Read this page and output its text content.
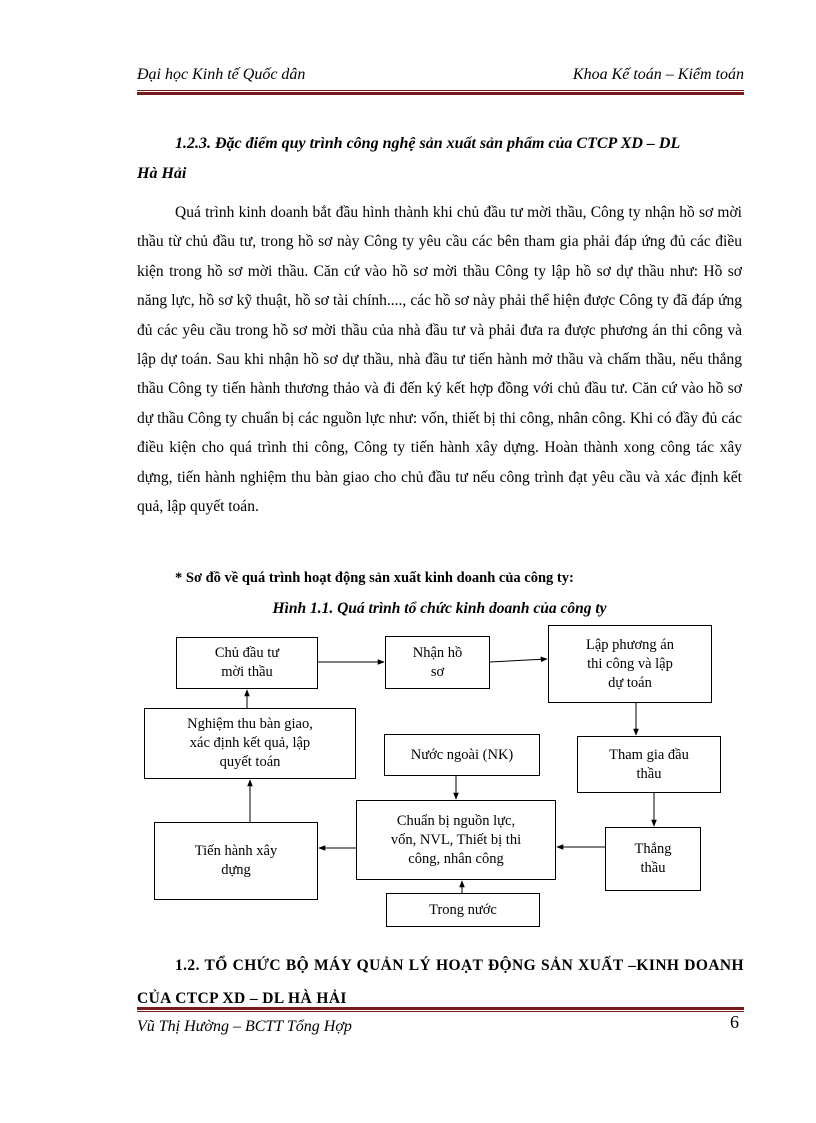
Đại học Kinh tế Quốc dân	Khoa Kế toán – Kiểm toán
1.2.3. Đặc điểm quy trình công nghệ sản xuất sản phẩm của CTCP XD – DL
Hà Hải
Quá trình kinh doanh bắt đầu hình thành khi chủ đầu tư mời thầu, Công ty nhận hồ sơ mời thầu từ chủ đầu tư, trong hồ sơ này Công ty yêu cầu các bên tham gia phải đáp ứng đủ các điều kiện trong hồ sơ mời thầu. Căn cứ vào hồ sơ mời thầu Công ty lập hồ sơ dự thầu như: Hồ sơ năng lực, hồ sơ kỹ thuật, hồ sơ tài chính...., các hồ sơ này phải thể hiện được Công ty đã đáp ứng đủ các yêu cầu trong hồ sơ mời thầu của nhà đầu tư và phải đưa ra được phương án thi công và lập dự toán. Sau khi nhận hồ sơ dự thầu, nhà đầu tư tiến hành mở thầu và chấm thầu, nếu thắng thầu Công ty tiến hành thương thảo và đi đến ký kết hợp đồng với chủ đầu tư. Căn cứ vào hồ sơ dự thầu Công ty chuẩn bị các nguồn lực như: vốn, thiết bị thi công, nhân công. Khi có đầy đủ các điều kiện cho quá trình thi công, Công ty tiến hành xây dựng. Hoàn thành xong công tác xây dựng, tiến hành nghiệm thu bàn giao cho chủ đầu tư nếu công trình đạt yêu cầu và xác định kết quả, lập quyết toán.
* Sơ đồ về quá trình hoạt động sản xuất kinh doanh của công ty:
Hình 1.1. Quá trình tổ chức kinh doanh của công ty
Chủ đầu tư
mời thầu
Nhận hồ
sơ
Lập phương án
thi công và lập
dự toán
Nghiệm thu bàn giao,
xác định kết quả, lập
quyết toán	Nước ngoài (NK)	Tham gia đầu
thầu
Chuẩn bị nguồn lực,
vốn, NVL, Thiết bị thi
công, nhân công
Tiến hành xây
dựng
Thắng
thầu
Trong nước
1.2. TỔ CHỨC BỘ MÁY QUẢN LÝ HOẠT ĐỘNG SẢN XUẤT –KINH DOANH CỦA CTCP XD – DL HÀ HẢI
Vũ Thị Hường – BCTT Tổng Hợp	6
